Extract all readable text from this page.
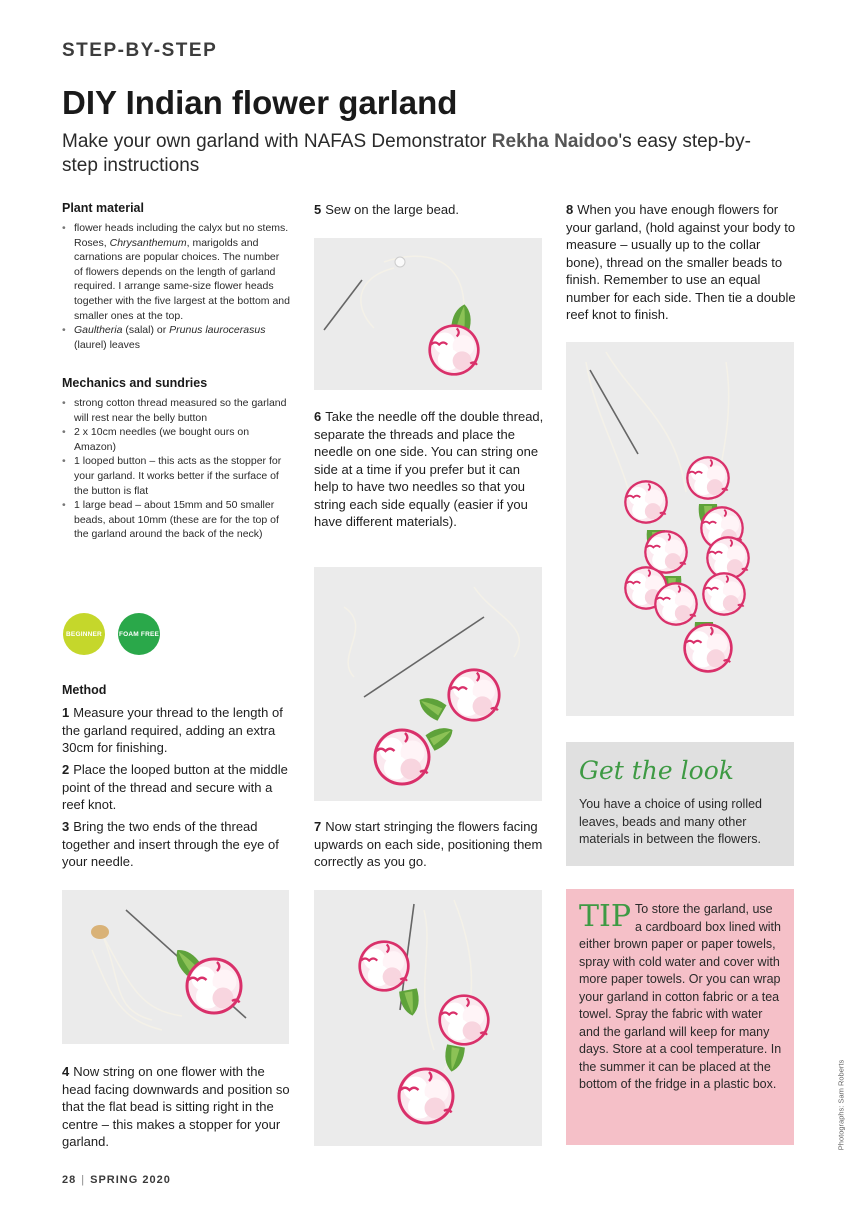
STEP-BY-STEP
DIY Indian flower garland
Make your own garland with NAFAS Demonstrator Rekha Naidoo's easy step-by-step instructions
Plant material
• flower heads including the calyx but no stems. Roses, Chrysanthemum, marigolds and carnations are popular choices. The number of flowers depends on the length of garland required. I arrange same-size flower heads together with the five largest at the bottom and smaller ones at the top.
• Gaultheria (salal) or Prunus laurocerasus (laurel) leaves
Mechanics and sundries
• strong cotton thread measured so the garland will rest near the belly button
• 2 x 10cm needles (we bought ours on Amazon)
• 1 looped button – this acts as the stopper for your garland. It works better if the surface of the button is flat
• 1 large bead – about 15mm and 50 smaller beads, about 10mm (these are for the top of the garland around the back of the neck)
BEGINNER	FOAM FREE
Method
1 Measure your thread to the length of the garland required, adding an extra 30cm for finishing.
2 Place the looped button at the middle point of the thread and secure with a reef knot.
3 Bring the two ends of the thread together and insert through the eye of your needle.
4 Now string on one flower with the head facing downwards and position so that the flat bead is sitting right in the centre – this makes a stopper for your garland.
5 Sew on the large bead.
6 Take the needle off the double thread, separate the threads and place the needle on one side. You can string one side at a time if you prefer but it can help to have two needles so that you string each side equally (easier if you have different materials).
7 Now start stringing the flowers facing upwards on each side, positioning them correctly as you go.
8 When you have enough flowers for your garland, (hold against your body to measure – usually up to the collar bone), thread on the smaller beads to finish. Remember to use an equal number for each side. Then tie a double reef knot to finish.
Get the look
You have a choice of using rolled leaves, beads and many other materials in between the flowers.
TIP To store the garland, use a cardboard box lined with either brown paper or paper towels, spray with cold water and cover with more paper towels. Or you can wrap your garland in cotton fabric or a tea towel. Spray the fabric with water and the garland will keep for many days. Store at a cool temperature. In the summer it can be placed at the bottom of the fridge in a plastic box.	Photographs: Sam Roberts
28 | SPRING 2020
